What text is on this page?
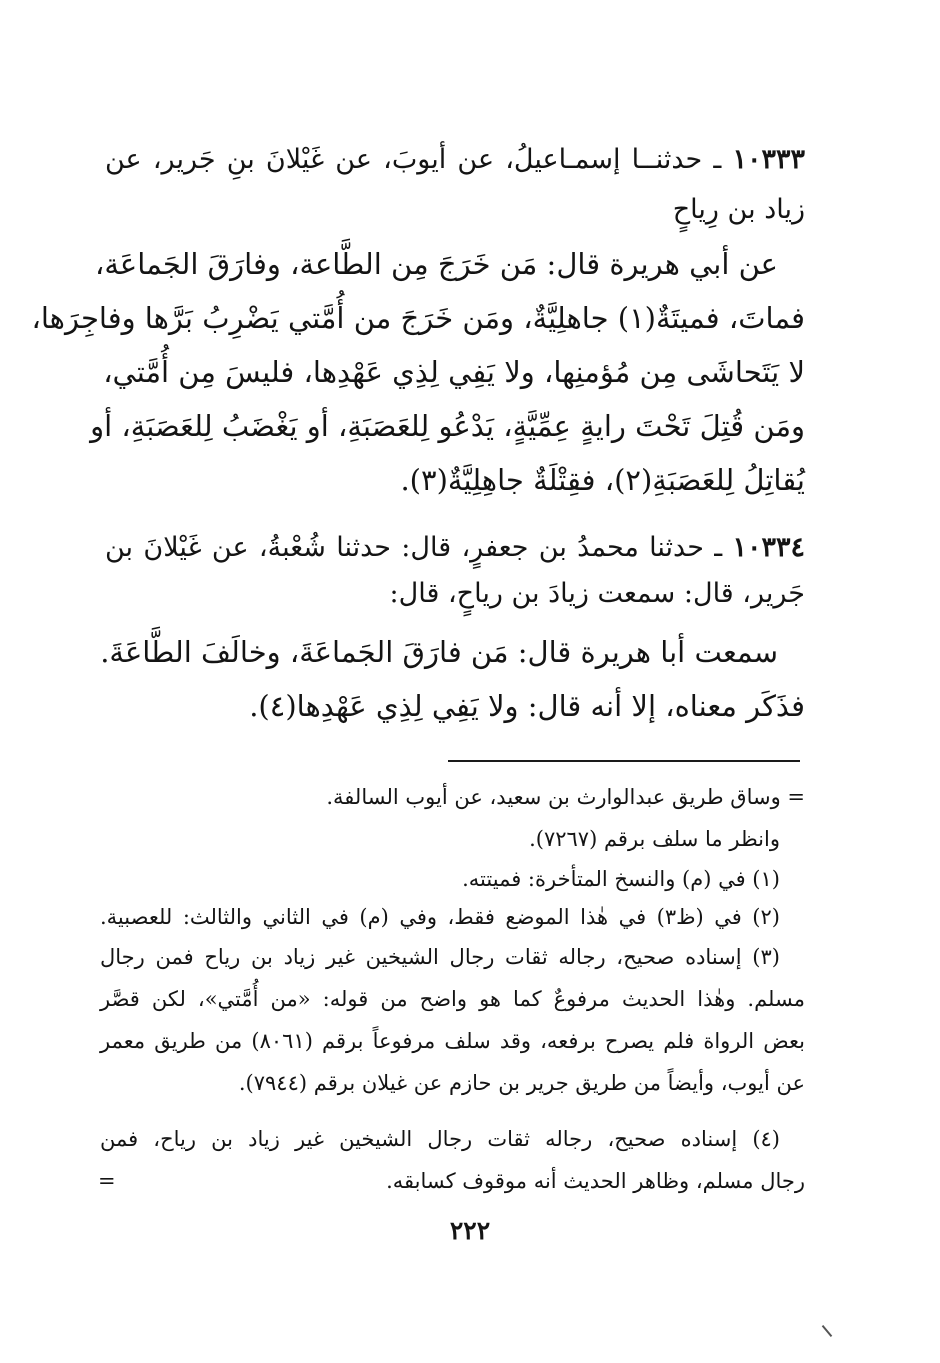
١٠٣٣٣ ـ حدثنــا إسمـاعيلُ، عن أيوبَ، عن غَيْلانَ بنِ جَرير، عن
زياد بن رِياحٍ
عن أبي هريرة قال: مَن خَرَجَ مِن الطَّاعة، وفارَقَ الجَماعَة،
فماتَ، فميتَةٌ(١) جاهلِيَّةٌ، ومَن خَرَجَ من أُمَّتي يَضْرِبُ بَرَّها وفاجِرَها،
لا يَتَحاشَى مِن مُؤمنِها، ولا يَفِي لِذِي عَهْدِها، فليسَ مِن أُمَّتي،
ومَن قُتِلَ تَحْتَ رايةٍ عِمِّيَّةٍ، يَدْعُو لِلعَصَبَةِ، أو يَغْضَبُ لِلعَصَبَةِ، أو
يُقاتِلُ لِلعَصَبَةِ(٢)، فقِتْلَةٌ جاهِلِيَّةٌ(٣).
١٠٣٣٤ ـ حدثنا محمدُ بن جعفرٍ، قال: حدثنا شُعْبةُ، عن غَيْلانَ بن
جَرير، قال: سمعت زيادَ بن رياحٍ، قال:
سمعت أبا هريرة قال: مَن فارَقَ الجَماعَةَ، وخالَفَ الطَّاعَةَ.
فذَكَر معناه، إلا أنه قال: ولا يَفِي لِذِي عَهْدِها(٤).
= وساق طريق عبدالوارث بن سعيد، عن أيوب السالفة.
وانظر ما سلف برقم (٧٢٦٧).
(١) في (م) والنسخ المتأخرة: فميتته.
(٢) في (ظ٣) في هٰذا الموضع فقط، وفي (م) في الثاني والثالث: للعصبية.
(٣) إسناده صحيح، رجاله ثقات رجال الشيخين غير زياد بن رياح فمن رجال
مسلم. وهٰذا الحديث مرفوعٌ كما هو واضح من قوله: «من أُمَّتي»، لكن قصَّر
بعض الرواة فلم يصرح برفعه، وقد سلف مرفوعاً برقم (٨٠٦١) من طريق معمر
عن أيوب، وأيضاً من طريق جرير بن حازم عن غيلان برقم (٧٩٤٤).
(٤) إسناده صحيح، رجاله ثقات رجال الشيخين غير زياد بن رياح، فمن
رجال مسلم، وظاهر الحديث أنه موقوف كسابقه.
=
٢٢٢
